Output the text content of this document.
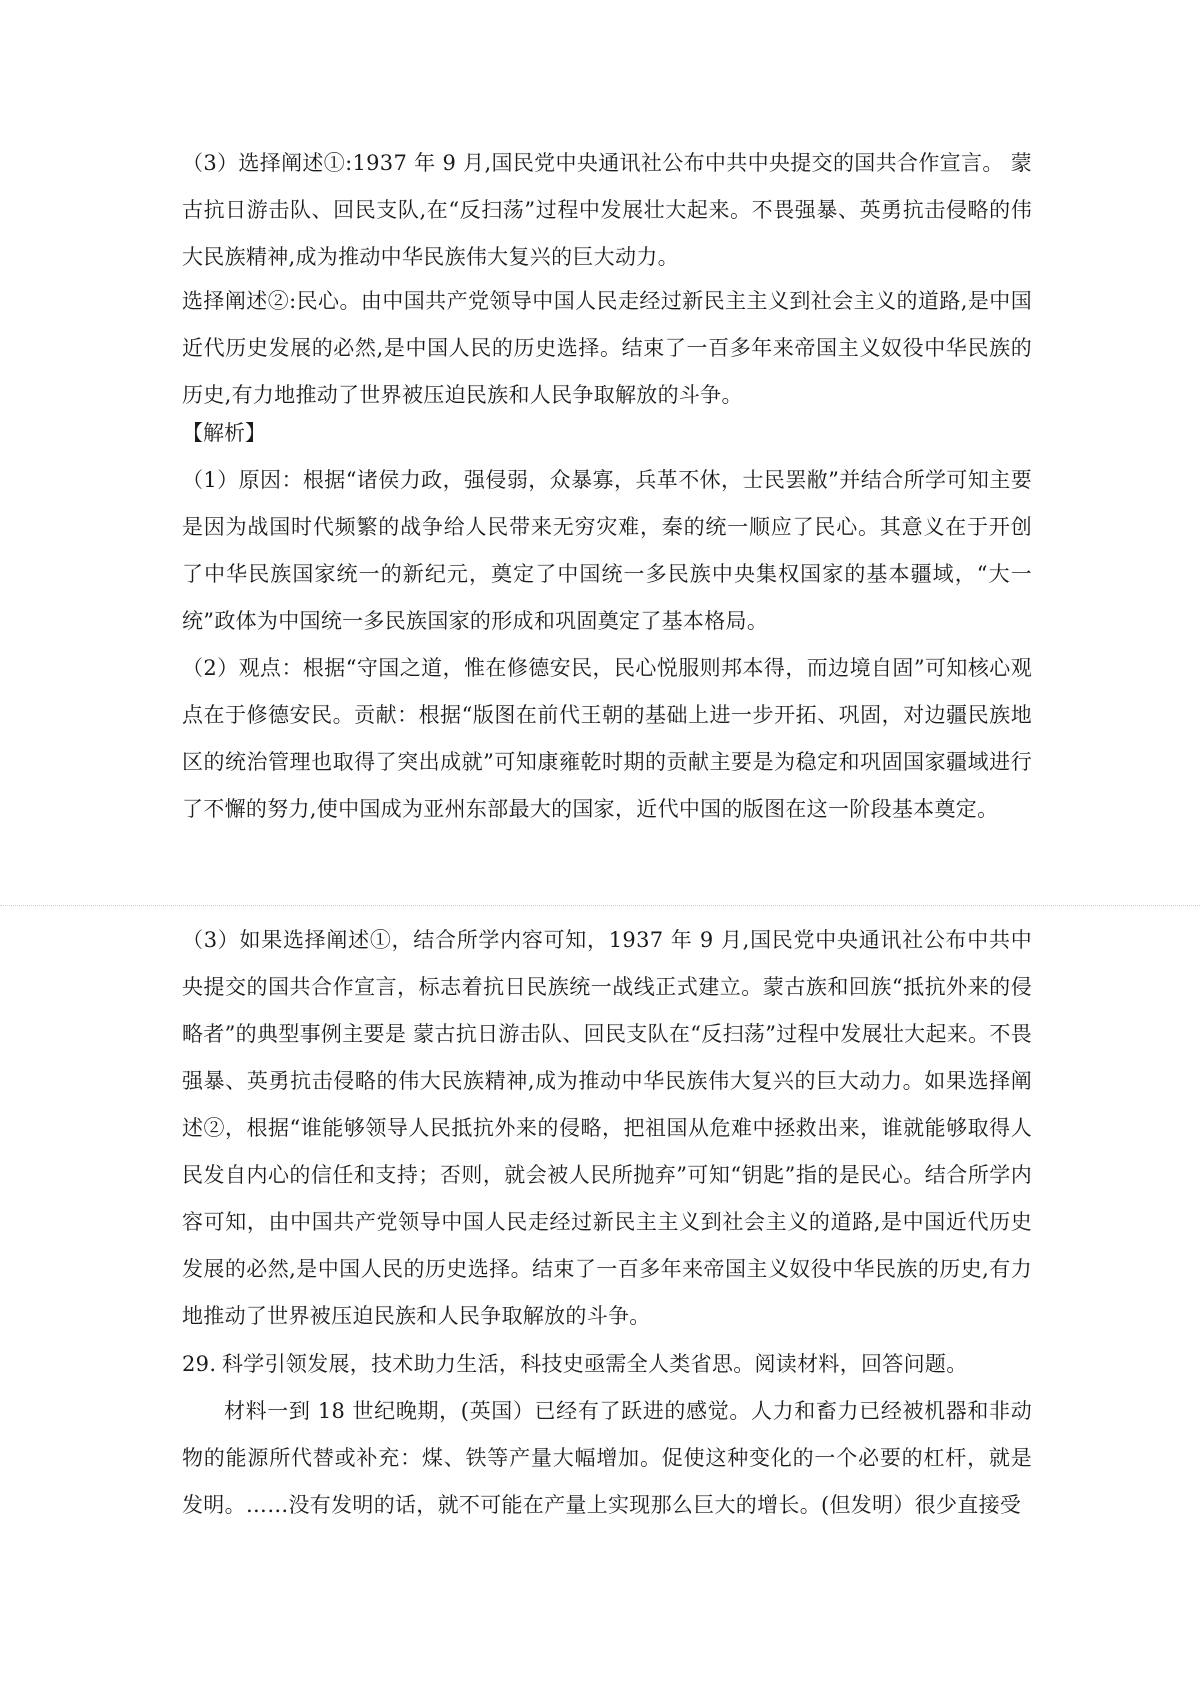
（3）选择阐述①:1937 年 9 月,国民党中央通讯社公布中共中央提交的国共合作宣言。 蒙古抗日游击队、回民支队,在“反扫荡”过程中发展壮大起来。不畏强暴、英勇抗击侵略的伟大民族精神,成为推动中华民族伟大复兴的巨大动力。

选择阐述②:民心。由中国共产党领导中国人民走经过新民主主义到社会主义的道路,是中国近代历史发展的必然,是中国人民的历史选择。结束了一百多年来帝国主义奴役中华民族的历史,有力地推动了世界被压迫民族和人民争取解放的斗争。

【解析】

（1）原因：根据“诸侯力政，强侵弱，众暴寡，兵革不休，士民罢敝”并结合所学可知主要是因为战国时代频繁的战争给人民带来无穷灾难，秦的统一顺应了民心。其意义在于开创了中华民族国家统一的新纪元，奠定了中国统一多民族中央集权国家的基本疆域，“大一统”政体为中国统一多民族国家的形成和巩固奠定了基本格局。

（2）观点：根据“守国之道，惟在修德安民，民心悦服则邦本得，而边境自固”可知核心观点在于修德安民。贡献：根据“版图在前代王朝的基础上进一步开拓、巩固，对边疆民族地区的统治管理也取得了突出成就”可知康雍乾时期的贡献主要是为稳定和巩固国家疆域进行了不懈的努力,使中国成为亚州东部最大的国家，近代中国的版图在这一阶段基本奠定。

（3）如果选择阐述①，结合所学内容可知，1937 年 9 月,国民党中央通讯社公布中共中央提交的国共合作宣言，标志着抗日民族统一战线正式建立。蒙古族和回族“抵抗外来的侵略者”的典型事例主要是 蒙古抗日游击队、回民支队在“反扫荡”过程中发展壮大起来。不畏强暴、英勇抗击侵略的伟大民族精神,成为推动中华民族伟大复兴的巨大动力。如果选择阐述②，根据“谁能够领导人民抵抗外来的侵略，把祖国从危难中拯救出来，谁就能够取得人民发自内心的信任和支持；否则，就会被人民所抛弃”可知“钥匙”指的是民心。结合所学内容可知，由中国共产党领导中国人民走经过新民主主义到社会主义的道路,是中国近代历史发展的必然,是中国人民的历史选择。结束了一百多年来帝国主义奴役中华民族的历史,有力地推动了世界被压迫民族和人民争取解放的斗争。

29. 科学引领发展，技术助力生活，科技史亟需全人类省思。阅读材料，回答问题。

材料一到 18 世纪晚期，(英国）已经有了跃进的感觉。人力和畜力已经被机器和非动物的能源所代替或补充：煤、铁等产量大幅增加。促使这种变化的一个必要的杠杆，就是发明。……没有发明的话，就不可能在产量上实现那么巨大的增长。(但发明）很少直接受
